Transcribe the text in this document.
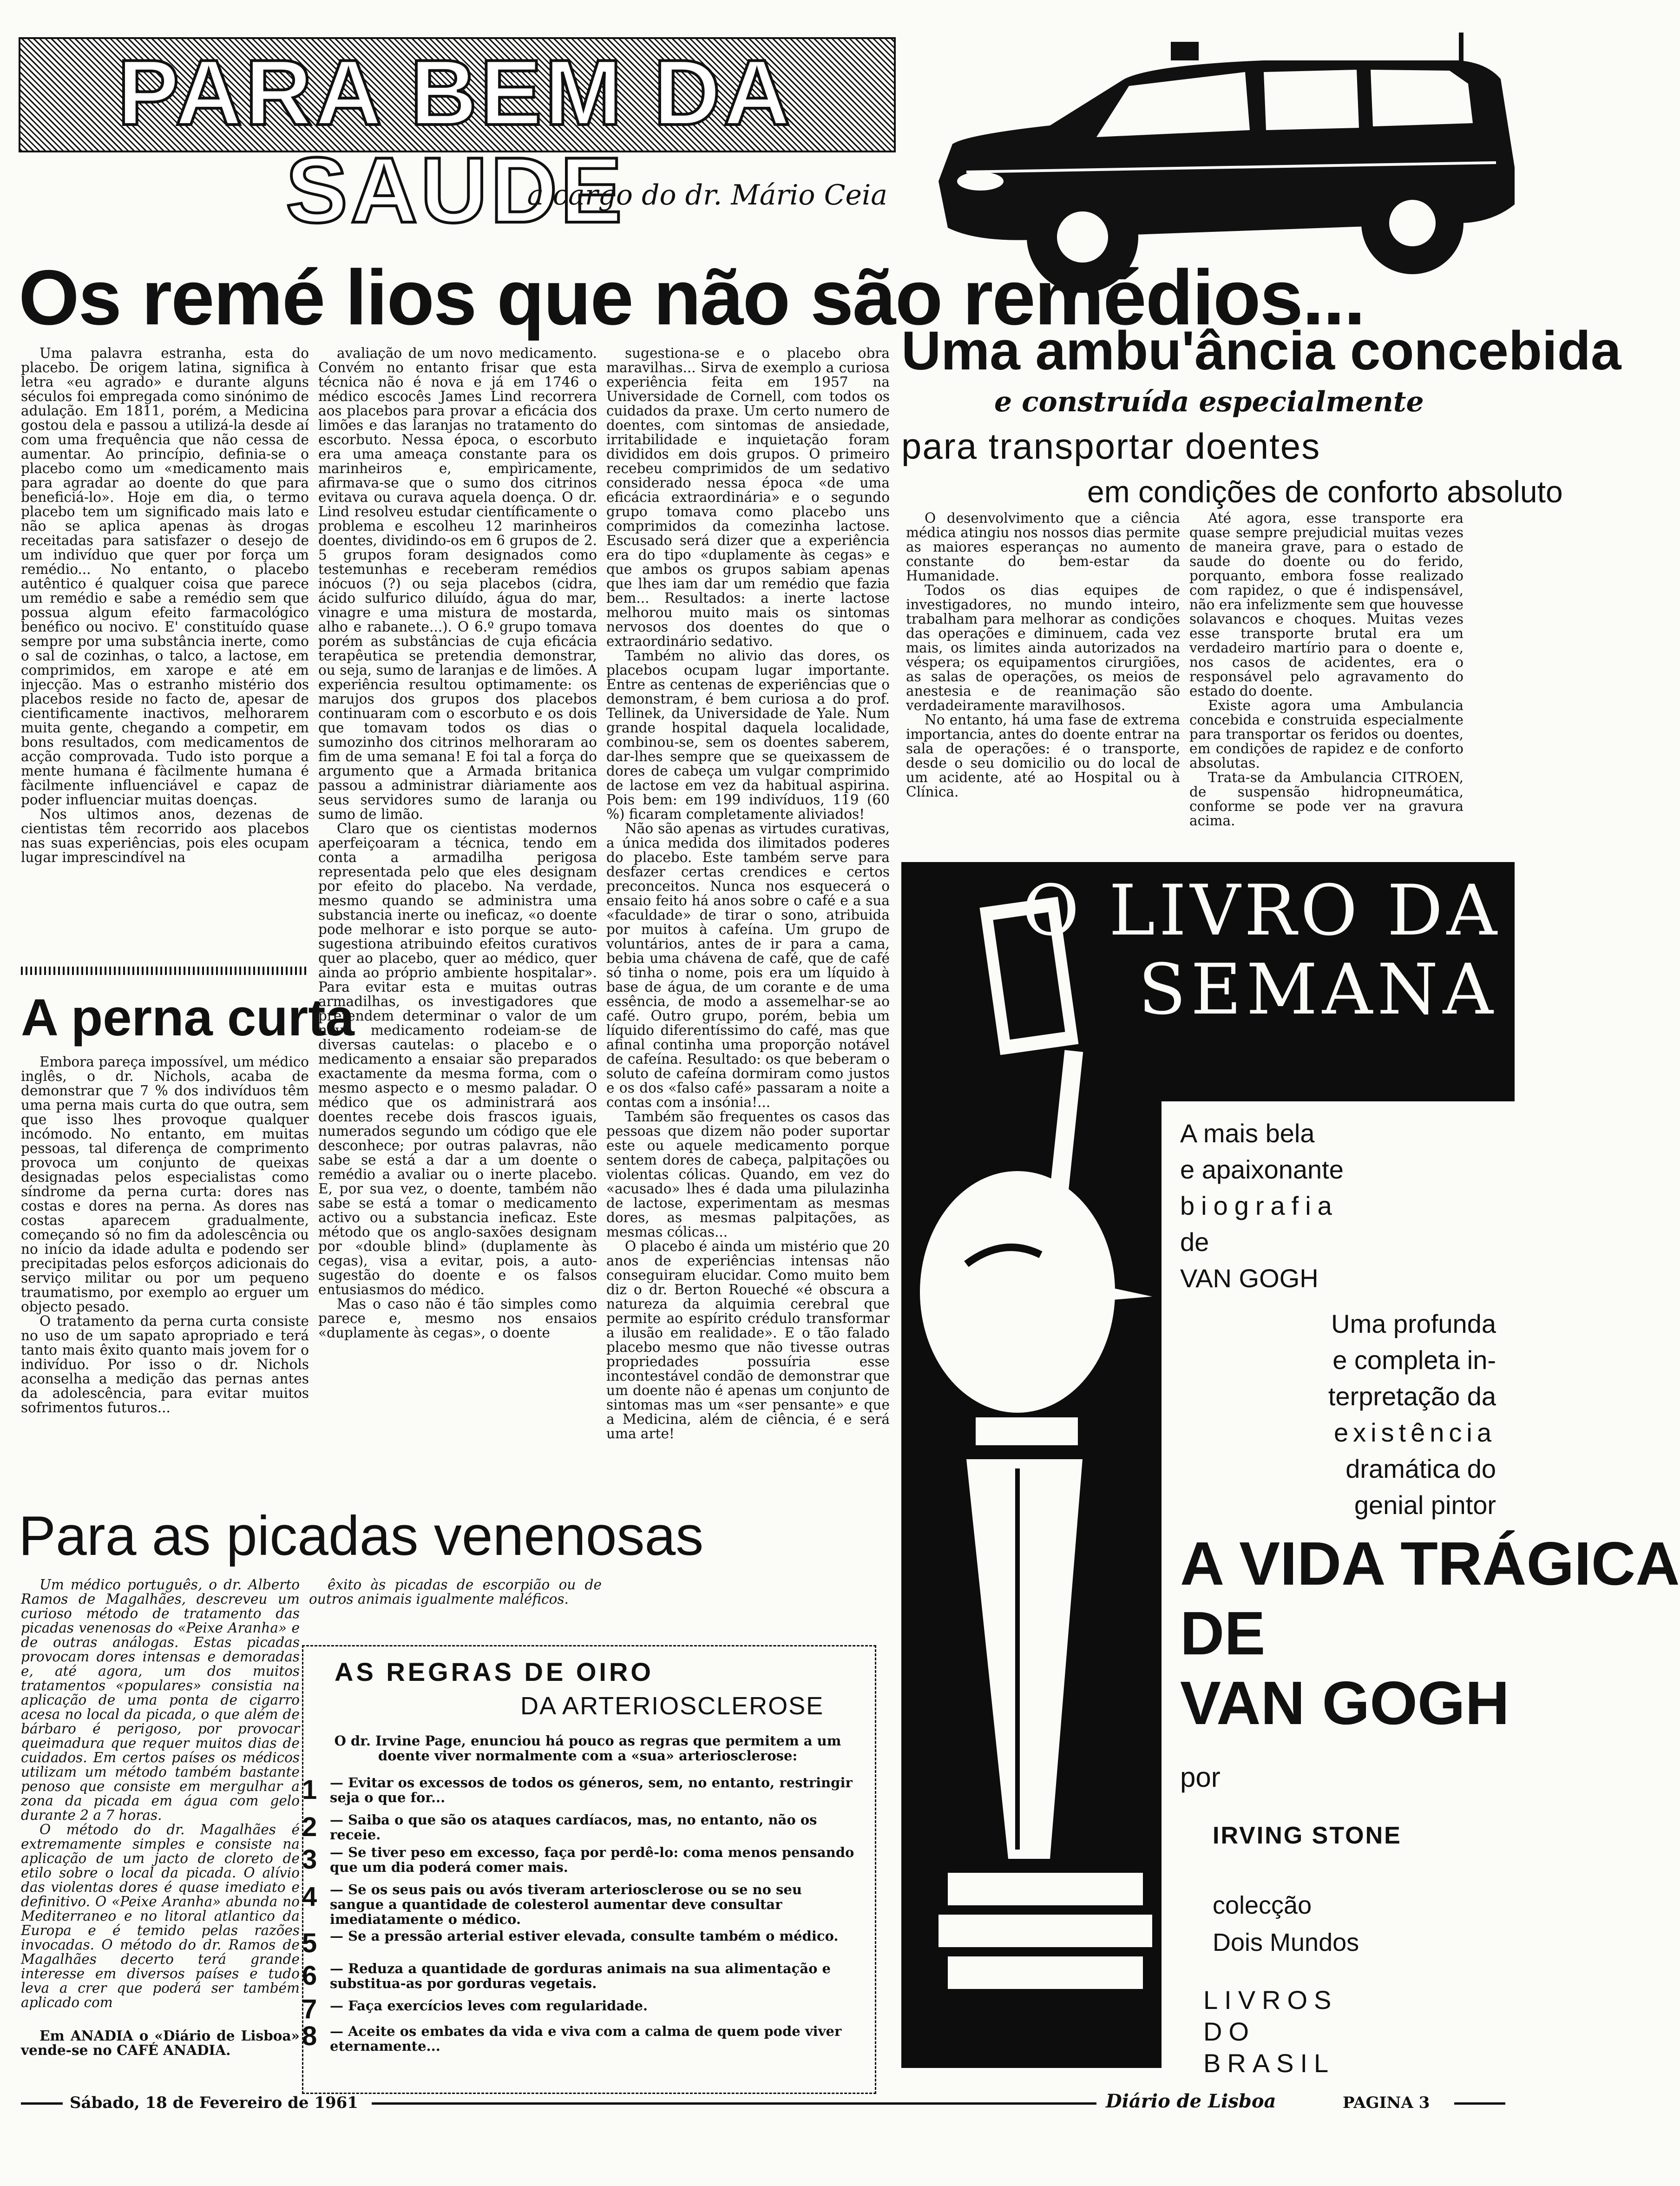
PARA BEM DA SAUDE
a cargo do dr. Mário Ceia
Os remé lios que não são remédios...

Uma palavra estranha, esta do placebo. De origem latina, significa à letra «eu agrado» e durante alguns séculos foi empregada como sinónimo de adulação. Em 1811, porém, a Medicina gostou dela e passou a utilizá-la desde aí com uma frequência que não cessa de aumentar. Ao princípio, definia-se o placebo como um «medicamento mais para agradar ao doente do que para beneficiá-lo». Hoje em dia, o termo placebo tem um significado mais lato e não se aplica apenas às drogas receitadas para satisfazer o desejo de um indivíduo que quer por força um remédio... No entanto, o placebo autêntico é qualquer coisa que parece um remédio e sabe a remédio sem que possua algum efeito farmacológico benéfico ou nocivo. E' constituído quase sempre por uma substância inerte, como o sal de cozinhas, o talco, a lactose, em comprimidos, em xarope e até em injecção. Mas o estranho mistério dos placebos reside no facto de, apesar de cientificamente inactivos, melhorarem muita gente, chegando a competir, em bons resultados, com medicamentos de acção comprovada. Tudo isto porque a mente humana é fàcilmente humana é fàcilmente influenciável e capaz de poder influenciar muitas doenças.

Nos ultimos anos, dezenas de cientistas têm recorrido aos placebos nas suas experiências, pois eles ocupam lugar imprescindível na

avaliação de um novo medicamento. Convém no entanto frisar que esta técnica não é nova e já em 1746 o médico escocês James Lind recorrera aos placebos para provar a eficácia dos limões e das laranjas no tratamento do escorbuto. Nessa época, o escorbuto era uma ameaça constante para os marinheiros e, empìricamente, afirmava-se que o sumo dos citrinos evitava ou curava aquela doença. O dr. Lind resolveu estudar científicamente o problema e escolheu 12 marinheiros doentes, dividindo-os em 6 grupos de 2. 5 grupos foram designados como testemunhas e receberam remédios inócuos (?) ou seja placebos (cidra, ácido sulfurico diluído, água do mar, vinagre e uma mistura de mostarda, alho e rabanete...). O 6.º grupo tomava porém as substâncias de cuja eficácia terapêutica se pretendia demonstrar, ou seja, sumo de laranjas e de limões. A experiência resultou optimamente: os marujos dos grupos dos placebos continuaram com o escorbuto e os dois que tomavam todos os dias o sumozinho dos citrinos melhoraram ao fim de uma semana! E foi tal a força do argumento que a Armada britanica passou a administrar diàriamente aos seus servidores sumo de laranja ou sumo de limão.

Claro que os cientistas modernos aperfeiçoaram a técnica, tendo em conta a armadilha perigosa representada pelo que eles designam por efeito do placebo. Na verdade, mesmo quando se administra uma substancia inerte ou ineficaz, «o doente pode melhorar e isto porque se auto-sugestiona atribuindo efeitos curativos quer ao placebo, quer ao médico, quer ainda ao próprio ambiente hospitalar». Para evitar esta e muitas outras armadilhas, os investigadores que pretendem determinar o valor de um novo medicamento rodeiam-se de diversas cautelas: o placebo e o medicamento a ensaiar são preparados exactamente da mesma forma, com o mesmo aspecto e o mesmo paladar. O médico que os administrará aos doentes recebe dois frascos iguais, numerados segundo um código que ele desconhece; por outras palavras, não sabe se está a dar a um doente o remédio a avaliar ou o inerte placebo. E, por sua vez, o doente, também não sabe se está a tomar o medicamento activo ou a substancia ineficaz. Este método que os anglo-saxões designam por «double blind» (duplamente às cegas), visa a evitar, pois, a auto-sugestão do doente e os falsos entusiasmos do médico.

Mas o caso não é tão simples como parece e, mesmo nos ensaios «duplamente às cegas», o doente

sugestiona-se e o placebo obra maravilhas... Sirva de exemplo a curiosa experiência feita em 1957 na Universidade de Cornell, com todos os cuidados da praxe. Um certo numero de doentes, com sintomas de ansiedade, irritabilidade e inquietação foram divididos em dois grupos. O primeiro recebeu comprimidos de um sedativo considerado nessa época «de uma eficácia extraordinária» e o segundo grupo tomava como placebo uns comprimidos da comezinha lactose. Escusado será dizer que a experiência era do tipo «duplamente às cegas» e que ambos os grupos sabiam apenas que lhes iam dar um remédio que fazia bem... Resultados: a inerte lactose melhorou muito mais os sintomas nervosos dos doentes do que o extraordinário sedativo.

Também no alivio das dores, os placebos ocupam lugar importante. Entre as centenas de experiências que o demonstram, é bem curiosa a do prof. Tellinek, da Universidade de Yale. Num grande hospital daquela localidade, combinou-se, sem os doentes saberem, dar-lhes sempre que se queixassem de dores de cabeça um vulgar comprimido de lactose em vez da habitual aspirina. Pois bem: em 199 indivíduos, 119 (60 %) ficaram completamente aliviados!

Não são apenas as virtudes curativas, a única medida dos ilimitados poderes do placebo. Este também serve para desfazer certas crendices e certos preconceitos. Nunca nos esquecerá o ensaio feito há anos sobre o café e a sua «faculdade» de tirar o sono, atribuida por muitos à cafeína. Um grupo de voluntários, antes de ir para a cama, bebia uma chávena de café, que de café só tinha o nome, pois era um líquido à base de água, de um corante e de uma essência, de modo a assemelhar-se ao café. Outro grupo, porém, bebia um líquido diferentíssimo do café, mas que afinal continha uma proporção notável de cafeína. Resultado: os que beberam o soluto de cafeína dormiram como justos e os dos «falso café» passaram a noite a contas com a insónia!...

Também são frequentes os casos das pessoas que dizem não poder suportar este ou aquele medicamento porque sentem dores de cabeça, palpitações ou violentas cólicas. Quando, em vez do «acusado» lhes é dada uma pilulazinha de lactose, experimentam as mesmas dores, as mesmas palpitações, as mesmas cólicas...

O placebo é ainda um mistério que 20 anos de experiências intensas não conseguiram elucidar. Como muito bem diz o dr. Berton Roueché «é obscura a natureza da alquimia cerebral que permite ao espírito crédulo transformar a ilusão em realidade». E o tão falado placebo mesmo que não tivesse outras propriedades possuíria esse incontestável condão de demonstrar que um doente não é apenas um conjunto de sintomas mas um «ser pensante» e que a Medicina, além de ciência, é e será uma arte!

A perna curta

Embora pareça impossível, um médico inglês, o dr. Nichols, acaba de demonstrar que 7 % dos indivíduos têm uma perna mais curta do que outra, sem que isso lhes provoque qualquer incómodo. No entanto, em muitas pessoas, tal diferença de comprimento provoca um conjunto de queixas designadas pelos especialistas como síndrome da perna curta: dores nas costas e dores na perna. As dores nas costas aparecem gradualmente, começando só no fim da adolescência ou no início da idade adulta e podendo ser precipitadas pelos esforços adicionais do serviço militar ou por um pequeno traumatismo, por exemplo ao erguer um objecto pesado.

O tratamento da perna curta consiste no uso de um sapato apropriado e terá tanto mais êxito quanto mais jovem for o indivíduo. Por isso o dr. Nichols aconselha a medição das pernas antes da adolescência, para evitar muitos sofrimentos futuros...

Para as picadas venenosas

Um médico português, o dr. Alberto Ramos de Magalhães, descreveu um curioso método de tratamento das picadas venenosas do «Peixe Aranha» e de outras análogas. Estas picadas provocam dores intensas e demoradas e, até agora, um dos muitos tratamentos «populares» consistia na aplicação de uma ponta de cigarro acesa no local da picada, o que além de bárbaro é perigoso, por provocar queimadura que requer muitos dias de cuidados. Em certos países os médicos utilizam um método também bastante penoso que consiste em mergulhar a zona da picada em água com gelo durante 2 a 7 horas.

O método do dr. Magalhães é extremamente simples e consiste na aplicação de um jacto de cloreto de etilo sobre o local da picada. O alívio das violentas dores é quase imediato e definitivo. O «Peixe Aranha» abunda no Mediterraneo e no litoral atlantico da Europa e é temido pelas razões invocadas. O método do dr. Ramos de Magalhães decerto terá grande interesse em diversos países e tudo leva a crer que poderá ser também aplicado com

êxito às picadas de escorpião ou de outros animais igualmente maléficos.

Em ANADIA o «Diário de Lisboa» vende-se no CAFÉ ANADIA.

AS REGRAS DE OIRO
DA ARTERIOSCLEROSE
O dr. Irvine Page, enunciou há pouco as regras que permitem a um doente viver normalmente com a «sua» arteriosclerose:
1 — Evitar os excessos de todos os géneros, sem, no entanto, restringir seja o que for...
2 — Saiba o que são os ataques cardíacos, mas, no entanto, não os receie.
3 — Se tiver peso em excesso, faça por perdê-lo: coma menos pensando que um dia poderá comer mais.
4 — Se os seus pais ou avós tiveram arteriosclerose ou se no seu sangue a quantidade de colesterol aumentar deve consultar imediatamente o médico.
5 — Se a pressão arterial estiver elevada, consulte também o médico.
6 — Reduza a quantidade de gorduras animais na sua alimentação e substitua-as por gorduras vegetais.
7 — Faça exercícios leves com regularidade.
8 — Aceite os embates da vida e viva com a calma de quem pode viver eternamente...
Uma ambu'ância concebida
e construída especialmente
para transportar doentes
em condições de conforto absoluto

O desenvolvimento que a ciência médica atingiu nos nossos dias permite as maiores esperanças no aumento constante do bem-estar da Humanidade.

Todos os dias equipes de investigadores, no mundo inteiro, trabalham para melhorar as condições das operações e diminuem, cada vez mais, os limites ainda autorizados na véspera; os equipamentos cirurgiões, as salas de operações, os meios de anestesia e de reanimação são verdadeiramente maravilhosos.

No entanto, há uma fase de extrema importancia, antes do doente entrar na sala de operações: é o transporte, desde o seu domicilio ou do local de um acidente, até ao Hospital ou à Clínica.

Até agora, esse transporte era quase sempre prejudicial muitas vezes de maneira grave, para o estado de saude do doente ou do ferido, porquanto, embora fosse realizado com rapidez, o que é indispensável, não era infelizmente sem que houvesse solavancos e choques. Muitas vezes esse transporte brutal era um verdadeiro martírio para o doente e, nos casos de acidentes, era o responsável pelo agravamento do estado do doente.

Existe agora uma Ambulancia concebida e construida especialmente para transportar os feridos ou doentes, em condições de rapidez e de conforto absolutas.

Trata-se da Ambulancia CITROEN, de suspensão hidropneumática, conforme se pode ver na gravura acima.

O LIVRO DA
SEMANA
A mais bela
e apaixonante
biografia
de
VAN GOGH
Uma profunda
e completa in-
terpretação da
existência
dramática do
genial pintor
A VIDA TRÁGICA
DE
VAN GOGH
por
IRVING STONE
colecção
Dois Mundos
LIVROS
DO
BRASIL
Sábado, 18 de Fevereiro de 1961	Diário de Lisboa	PAGINA 3
